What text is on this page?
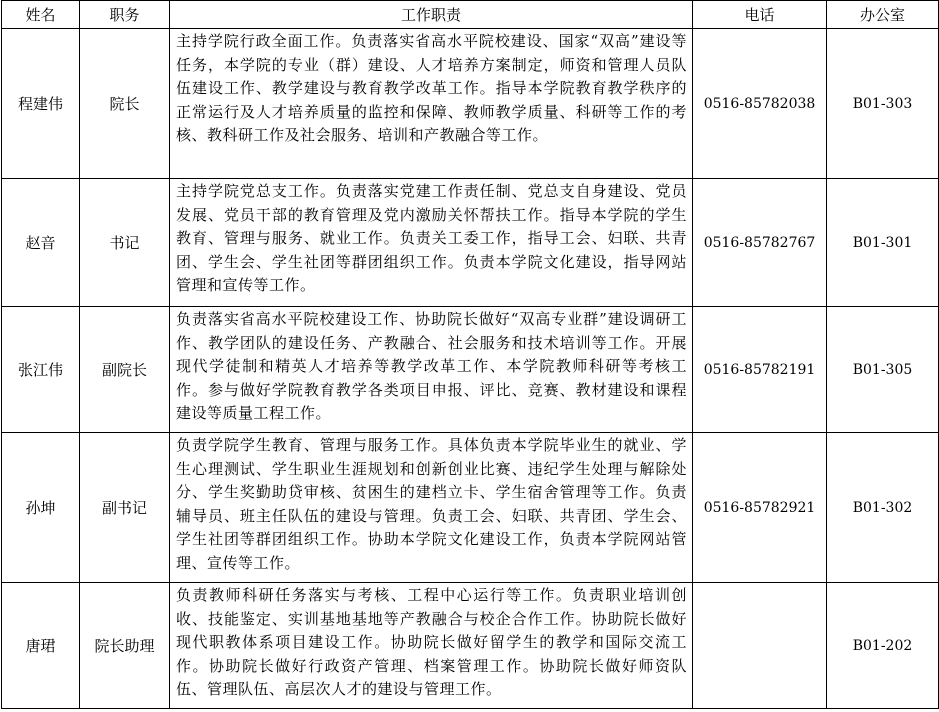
姓名	职务	工作职责	电话	办公室
程建伟	院长	主持学院行政全面工作。负责落实省高水平院校建设、国家“双高”建设等任务，本学院的专业（群）建设、人才培养方案制定，师资和管理人员队伍建设工作、教学建设与教育教学改革工作。指导本学院教育教学秩序的正常运行及人才培养质量的监控和保障、教师教学质量、科研等工作的考核、教科研工作及社会服务、培训和产教融合等工作。	0516-85782038	B01-303
赵音	书记	主持学院党总支工作。负责落实党建工作责任制、党总支自身建设、党员发展、党员干部的教育管理及党内激励关怀帮扶工作。指导本学院的学生教育、管理与服务、就业工作。负责关工委工作，指导工会、妇联、共青团、学生会、学生社团等群团组织工作。负责本学院文化建设，指导网站管理和宣传等工作。	0516-85782767	B01-301
张江伟	副院长	负责落实省高水平院校建设工作、协助院长做好“双高专业群”建设调研工作、教学团队的建设任务、产教融合、社会服务和技术培训等工作。开展现代学徒制和精英人才培养等教学改革工作、本学院教师科研等考核工作。参与做好学院教育教学各类项目申报、评比、竞赛、教材建设和课程建设等质量工程工作。	0516-85782191	B01-305
孙坤	副书记	负责学院学生教育、管理与服务工作。具体负责本学院毕业生的就业、学生心理测试、学生职业生涯规划和创新创业比赛、违纪学生处理与解除处分、学生奖勤助贷审核、贫困生的建档立卡、学生宿舍管理等工作。负责辅导员、班主任队伍的建设与管理。负责工会、妇联、共青团、学生会、学生社团等群团组织工作。协助本学院文化建设工作，负责本学院网站管理、宣传等工作。	0516-85782921	B01-302
唐珺	院长助理	负责教师科研任务落实与考核、工程中心运行等工作。负责职业培训创收、技能鉴定、实训基地基地等产教融合与校企合作工作。协助院长做好现代职教体系项目建设工作。协助院长做好留学生的教学和国际交流工作。协助院长做好行政资产管理、档案管理工作。协助院长做好师资队伍、管理队伍、高层次人才的建设与管理工作。		B01-202
